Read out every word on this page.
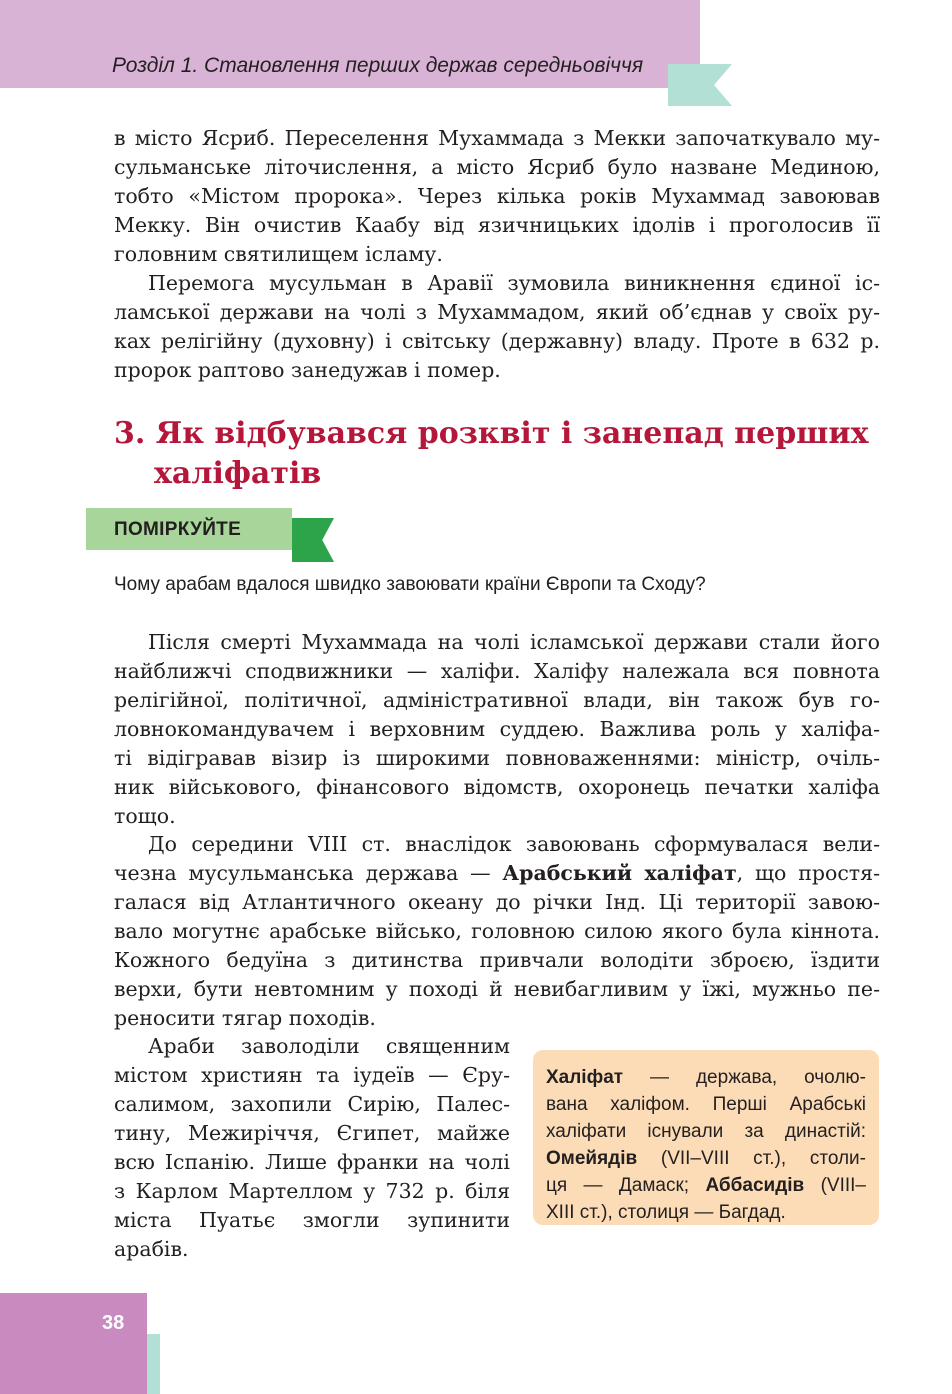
Розділ 1. Становлення перших держав середньовіччя
в місто Ясриб. Переселення Мухаммада з Мекки започаткувало му-
сульманське літочислення, а місто Ясриб було назване Мединою,
тобто «Містом пророка». Через кілька років Мухаммад завоював
Мекку. Він очистив Каабу від язичницьких ідолів і проголосив її
головним святилищем ісламу.
Перемога мусульман в Аравії зумовила виникнення єдиної іс-
ламської держави на чолі з Мухаммадом, який об’єднав у своїх ру-
ках релігійну (духовну) і світську (державну) владу. Проте в 632 р.
пророк раптово занедужав і помер.
3. Як відбувався розквіт і занепад перших
халіфатів
ПОМІРКУЙТЕ
Чому арабам вдалося швидко завоювати країни Європи та Сходу?
Після смерті Мухаммада на чолі ісламської держави стали його
найближчі сподвижники — халіфи. Халіфу належала вся повнота
релігійної, політичної, адміністративної влади, він також був го-
ловнокомандувачем і верховним суддею. Важлива роль у халіфа-
ті відігравав візир із широкими повноваженнями: міністр, очіль-
ник військового, фінансового відомств, охоронець печатки халіфа
тощо.
До середини VIII ст. внаслідок завоювань сформувалася вели-
чезна мусульманська держава — Арабський халіфат, що простя-
галася від Атлантичного океану до річки Інд. Ці території завою-
вало могутнє арабське військо, головною силою якого була кіннота.
Кожного бедуїна з дитинства привчали володіти зброєю, їздити
верхи, бути невтомним у поході й невибагливим у їжі, мужньо пе-
реносити тягар походів.
Араби заволоділи священним
містом християн та іудеїв — Єру-
салимом, захопили Сирію, Палес-
тину, Межиріччя, Єгипет, майже
всю Іспанію. Лише франки на чолі
з Карлом Мартеллом у 732 р. біля
міста Пуатьє змогли зупинити
арабів.
Халіфат — держава, очолю-
вана халіфом. Перші Арабські
халіфати існували за династій:
Омейядів (VII–VIII ст.), столи-
ця — Дамаск; Аббасидів (VIII–
XIII ст.), столиця — Багдад.
38
